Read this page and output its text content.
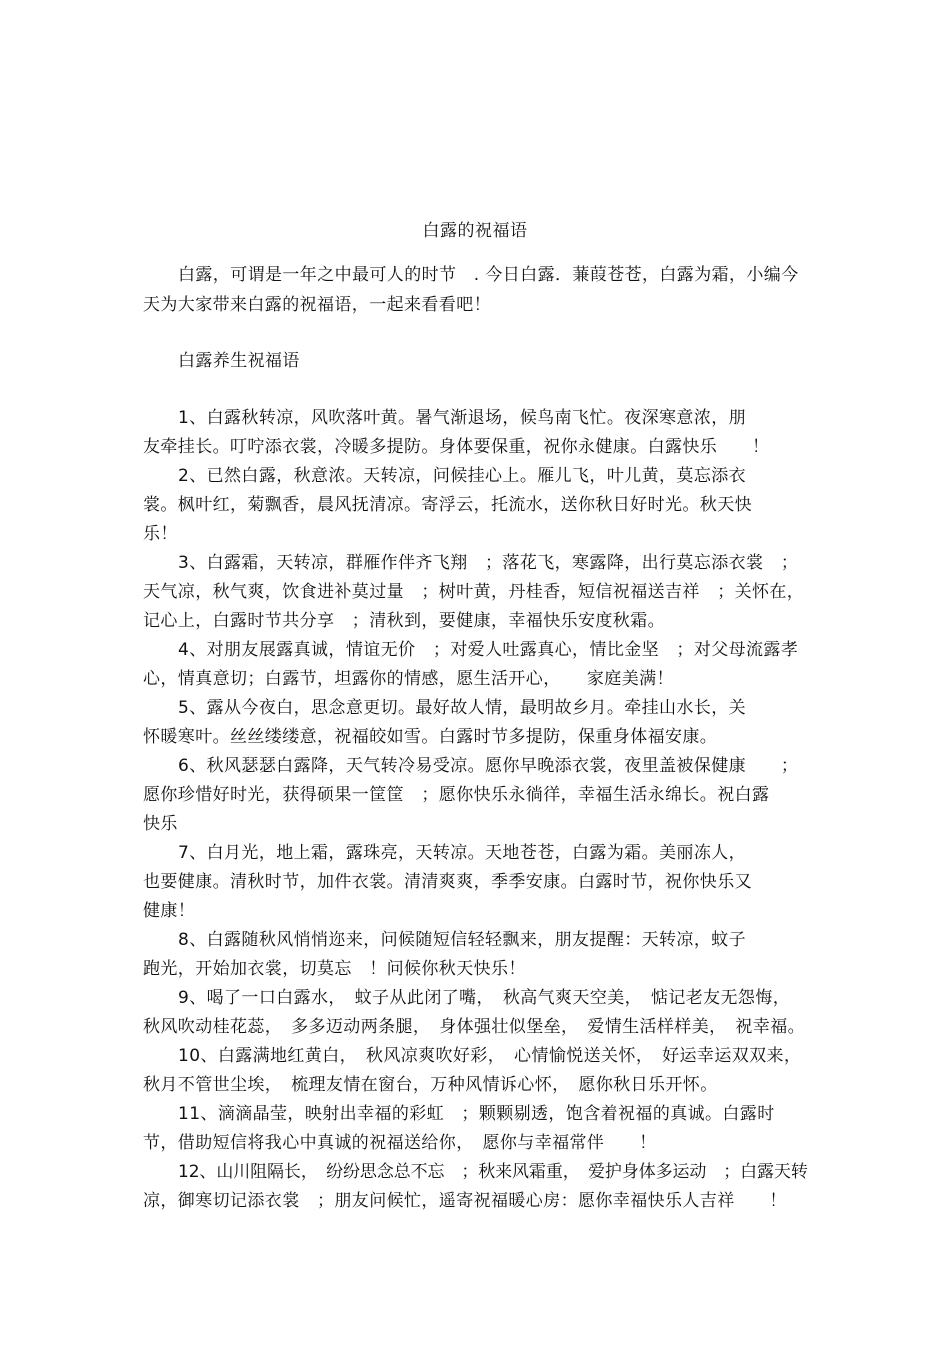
白露的祝福语
白露，可谓是一年之中最可人的时节　. 今日白露．蒹葭苍苍，白露为霜，小编今
天为大家带来白露的祝福语，一起来看看吧！
白露养生祝福语
1、白露秋转凉，风吹落叶黄。暑气渐退场，候鸟南飞忙。夜深寒意浓，朋
友牵挂长。叮咛添衣裳，冷暖多提防。身体要保重，祝你永健康。白露快乐　　！
2、已然白露，秋意浓。天转凉，问候挂心上。雁儿飞，叶儿黄，莫忘添衣
裳。枫叶红，菊飘香，晨风抚清凉。寄浮云，托流水，送你秋日好时光。秋天快
乐！
3、白露霜，天转凉，群雁作伴齐飞翔　；落花飞，寒露降，出行莫忘添衣裳　；
天气凉，秋气爽，饮食进补莫过量　；树叶黄，丹桂香，短信祝福送吉祥　；关怀在，
记心上，白露时节共分享　；清秋到，要健康，幸福快乐安度秋霜。
4、对朋友展露真诚，情谊无价　；对爱人吐露真心，情比金坚　；对父母流露孝
心，情真意切；白露节，坦露你的情感，愿生活开心，　　家庭美满！
5、露从今夜白，思念意更切。最好故人情，最明故乡月。牵挂山水长，关
怀暖寒叶。丝丝缕缕意，祝福皎如雪。白露时节多提防，保重身体福安康。
6、秋风瑟瑟白露降，天气转冷易受凉。愿你早晚添衣裳，夜里盖被保健康　　；
愿你珍惜好时光，获得硕果一筐筐　；愿你快乐永徜徉，幸福生活永绵长。祝白露
快乐
7、白月光，地上霜，露珠亮，天转凉。天地苍苍，白露为霜。美丽冻人，
也要健康。清秋时节，加件衣裳。清清爽爽，季季安康。白露时节，祝你快乐又
健康！
8、白露随秋风悄悄迩来，问候随短信轻轻飘来，朋友提醒：天转凉，蚊子
跑光，开始加衣裳，切莫忘　！问候你秋天快乐！
9、喝了一口白露水，　蚊子从此闭了嘴，　秋高气爽天空美，　惦记老友无怨悔，
秋风吹动桂花蕊，　多多迈动两条腿，　身体强壮似堡垒，　爱情生活样样美，　祝幸福。
10、白露满地红黄白，　秋风凉爽吹好彩，　心情愉悦送关怀，　好运幸运双双来，
秋月不管世尘埃，　梳理友情在窗台，万种风情诉心怀，　愿你秋日乐开怀。
11、滴滴晶莹，映射出幸福的彩虹　；颗颗剔透，饱含着祝福的真诚。白露时
节，借助短信将我心中真诚的祝福送给你，　愿你与幸福常伴　　！
12、山川阻隔长，　纷纷思念总不忘　；秋来风霜重，　爱护身体多运动　；白露天转
凉，御寒切记添衣裳　；朋友问候忙，遥寄祝福暖心房：愿你幸福快乐人吉祥　　！
